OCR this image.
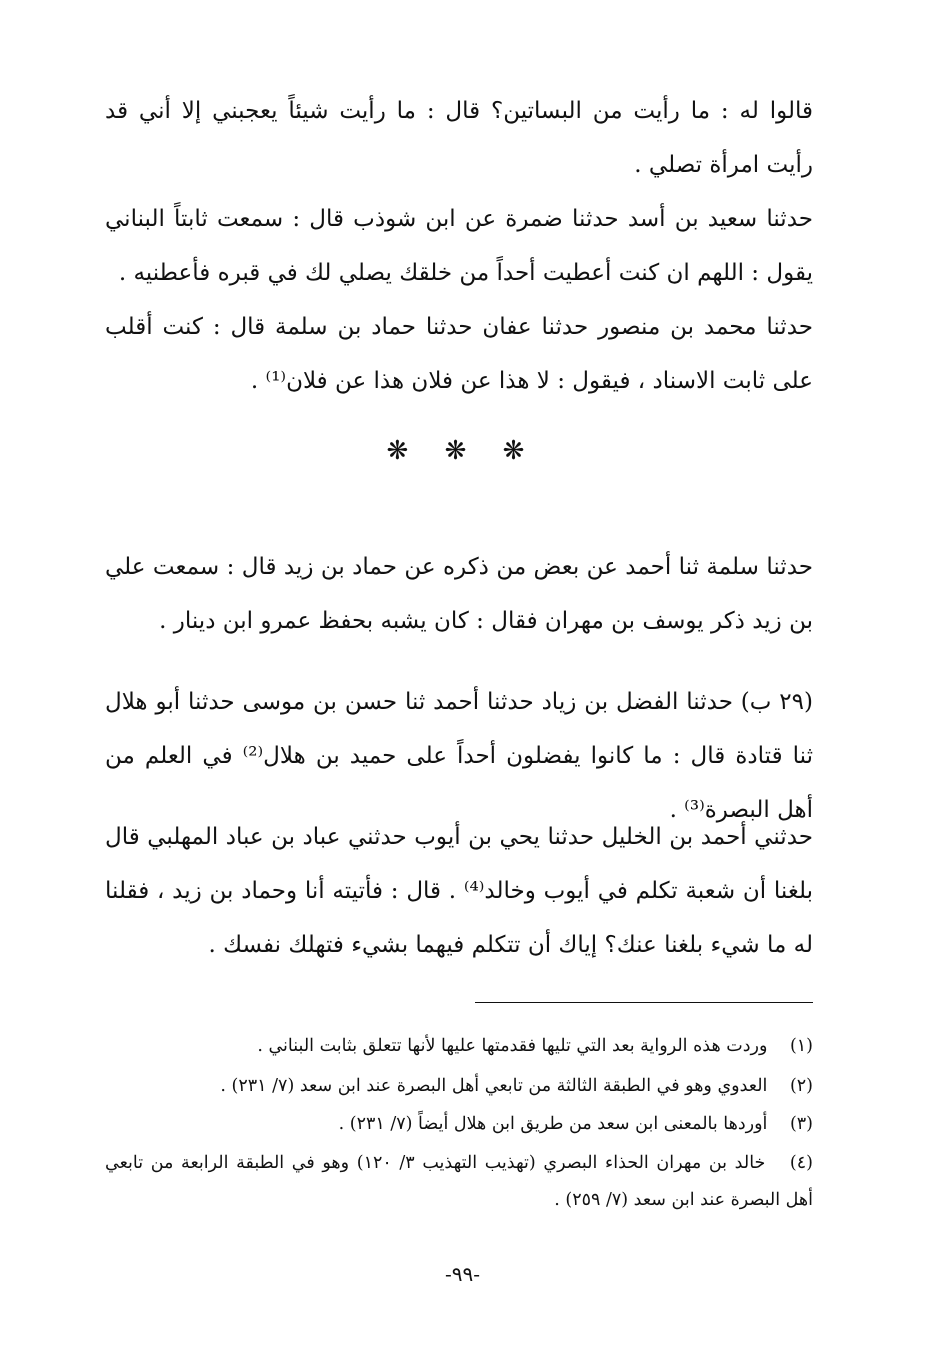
قالوا له : ما رأيت من البساتين؟ قال : ما رأيت شيئاً يعجبني إلا أني قد رأيت امرأة تصلي .

حدثنا سعيد بن أسد حدثنا ضمرة عن ابن شوذب قال : سمعت ثابتاً البناني يقول : اللهم ان كنت أعطيت أحداً من خلقك يصلي لك في قبره فأعطنيه .

حدثنا محمد بن منصور حدثنا عفان حدثنا حماد بن سلمة قال : كنت أقلب على ثابت الاسناد ، فيقول : لا هذا عن فلان هذا عن فلان⁽¹⁾ .

❋ ❋ ❋

حدثنا سلمة ثنا أحمد عن بعض من ذكره عن حماد بن زيد قال : سمعت علي بن زيد ذكر يوسف بن مهران فقال : كان يشبه بحفظ عمرو ابن دينار .

(٢٩ ب) حدثنا الفضل بن زياد حدثنا أحمد ثنا حسن بن موسى حدثنا أبو هلال ثنا قتادة قال : ما كانوا يفضلون أحداً على حميد بن هلال⁽²⁾ في العلم من أهل البصرة⁽³⁾ .

حدثني أحمد بن الخليل حدثنا يحي بن أيوب حدثني عباد بن عباد المهلبي قال بلغنا أن شعبة تكلم في أيوب وخالد⁽⁴⁾ . قال : فأتيته أنا وحماد بن زيد ، فقلنا له ما شيء بلغنا عنك؟ إياك أن تتكلم فيهما بشيء فتهلك نفسك .

(١) وردت هذه الرواية بعد التي تليها فقدمتها عليها لأنها تتعلق بثابت البناني .
(٢) العدوي وهو في الطبقة الثالثة من تابعي أهل البصرة عند ابن سعد (٧/ ٢٣١) .
(٣) أوردها بالمعنى ابن سعد من طريق ابن هلال أيضاً (٧/ ٢٣١) .
(٤) خالد بن مهران الحذاء البصري (تهذيب التهذيب ٣/ ١٢٠) وهو في الطبقة الرابعة من تابعي أهل البصرة عند ابن سعد (٧/ ٢٥٩) .
-٩٩-
